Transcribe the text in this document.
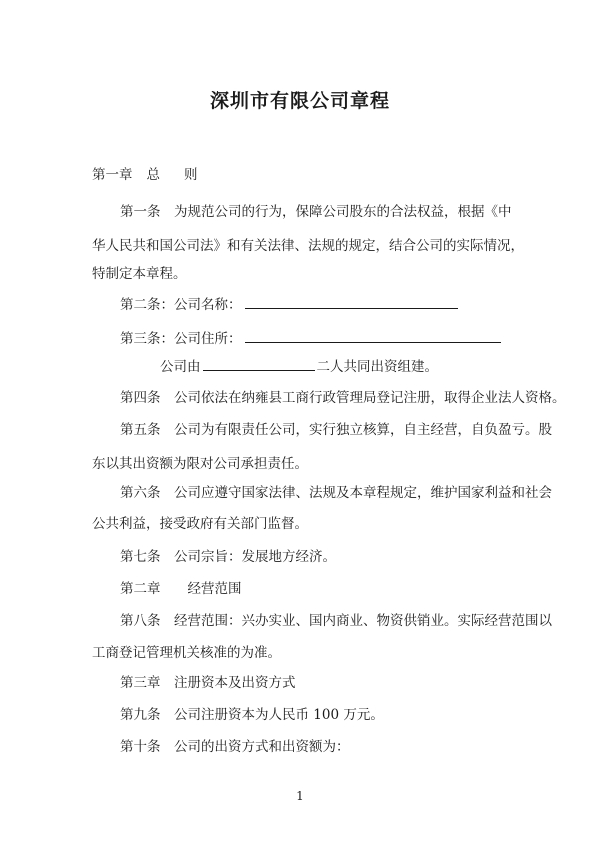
深圳市有限公司章程
第一章 总 则
第一条　为规范公司的行为，保障公司股东的合法权益，根据《中
华人民共和国公司法》和有关法律、法规的规定，结合公司的实际情况，
特制定本章程。
第二条：公司名称：
第三条：公司住所：
公司由	二人共同出资组建。
第四条　公司依法在纳雍县工商行政管理局登记注册，取得企业法人资格。
第五条　公司为有限责任公司，实行独立核算，自主经营，自负盈亏。股
东以其出资额为限对公司承担责任。
第六条　公司应遵守国家法律、法规及本章程规定，维护国家利益和社会
公共利益，接受政府有关部门监督。
第七条　公司宗旨：发展地方经济。
第二章　　经营范围
第八条　经营范围：兴办实业、国内商业、物资供销业。实际经营范围以
工商登记管理机关核准的为准。
第三章　注册资本及出资方式
第九条　公司注册资本为人民币 100 万元。
第十条　公司的出资方式和出资额为：
1
